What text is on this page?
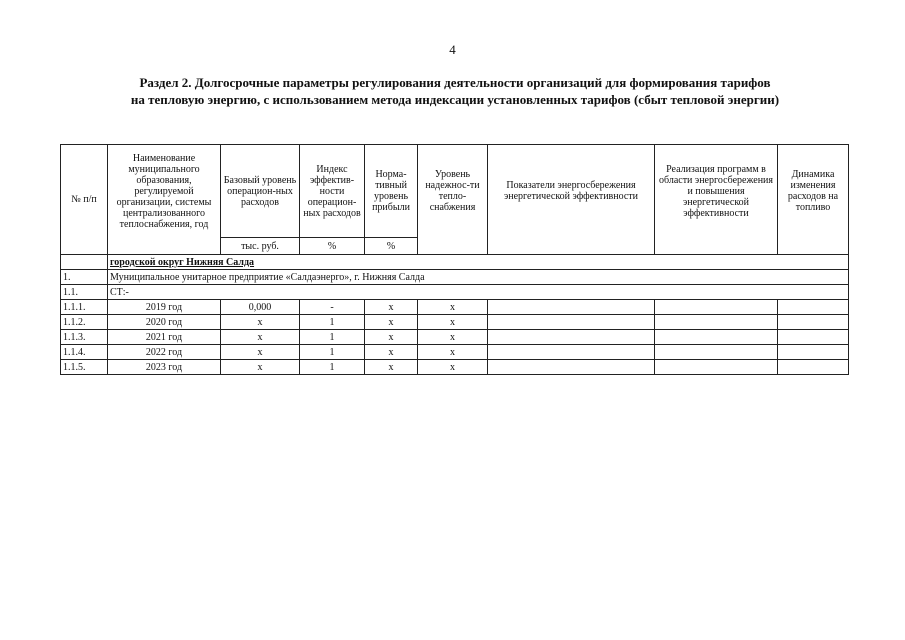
4
Раздел 2. Долгосрочные параметры регулирования деятельности организаций для формирования тарифов
на тепловую энергию, с использованием метода индексации установленных тарифов (сбыт тепловой энергии)
№ п/п	Наименование муниципального образования, регулируемой организации, системы централизованного теплоснабжения, год	Базовый уровень операцион-ных расходов	Индекс эффектив-ности операцион-ных расходов	Норма-тивный уровень прибыли	Уровень надежнос-ти тепло-снабжения	Показатели энергосбережения энергетической эффективности	Реализация программ в области энергосбережения и повышения энергетической эффективности	Динамика изменения расходов на топливо
		тыс. руб.	%	%				
	городской округ Нижняя Салда							
1.	Муниципальное унитарное предприятие «Салдаэнерго», г. Нижняя Салда							
1.1.	СТ:-							
1.1.1.	2019 год	0,000	-	x	x			
1.1.2.	2020 год	x	1	x	x			
1.1.3.	2021 год	x	1	x	x			
1.1.4.	2022 год	x	1	x	x			
1.1.5.	2023 год	x	1	x	x			
